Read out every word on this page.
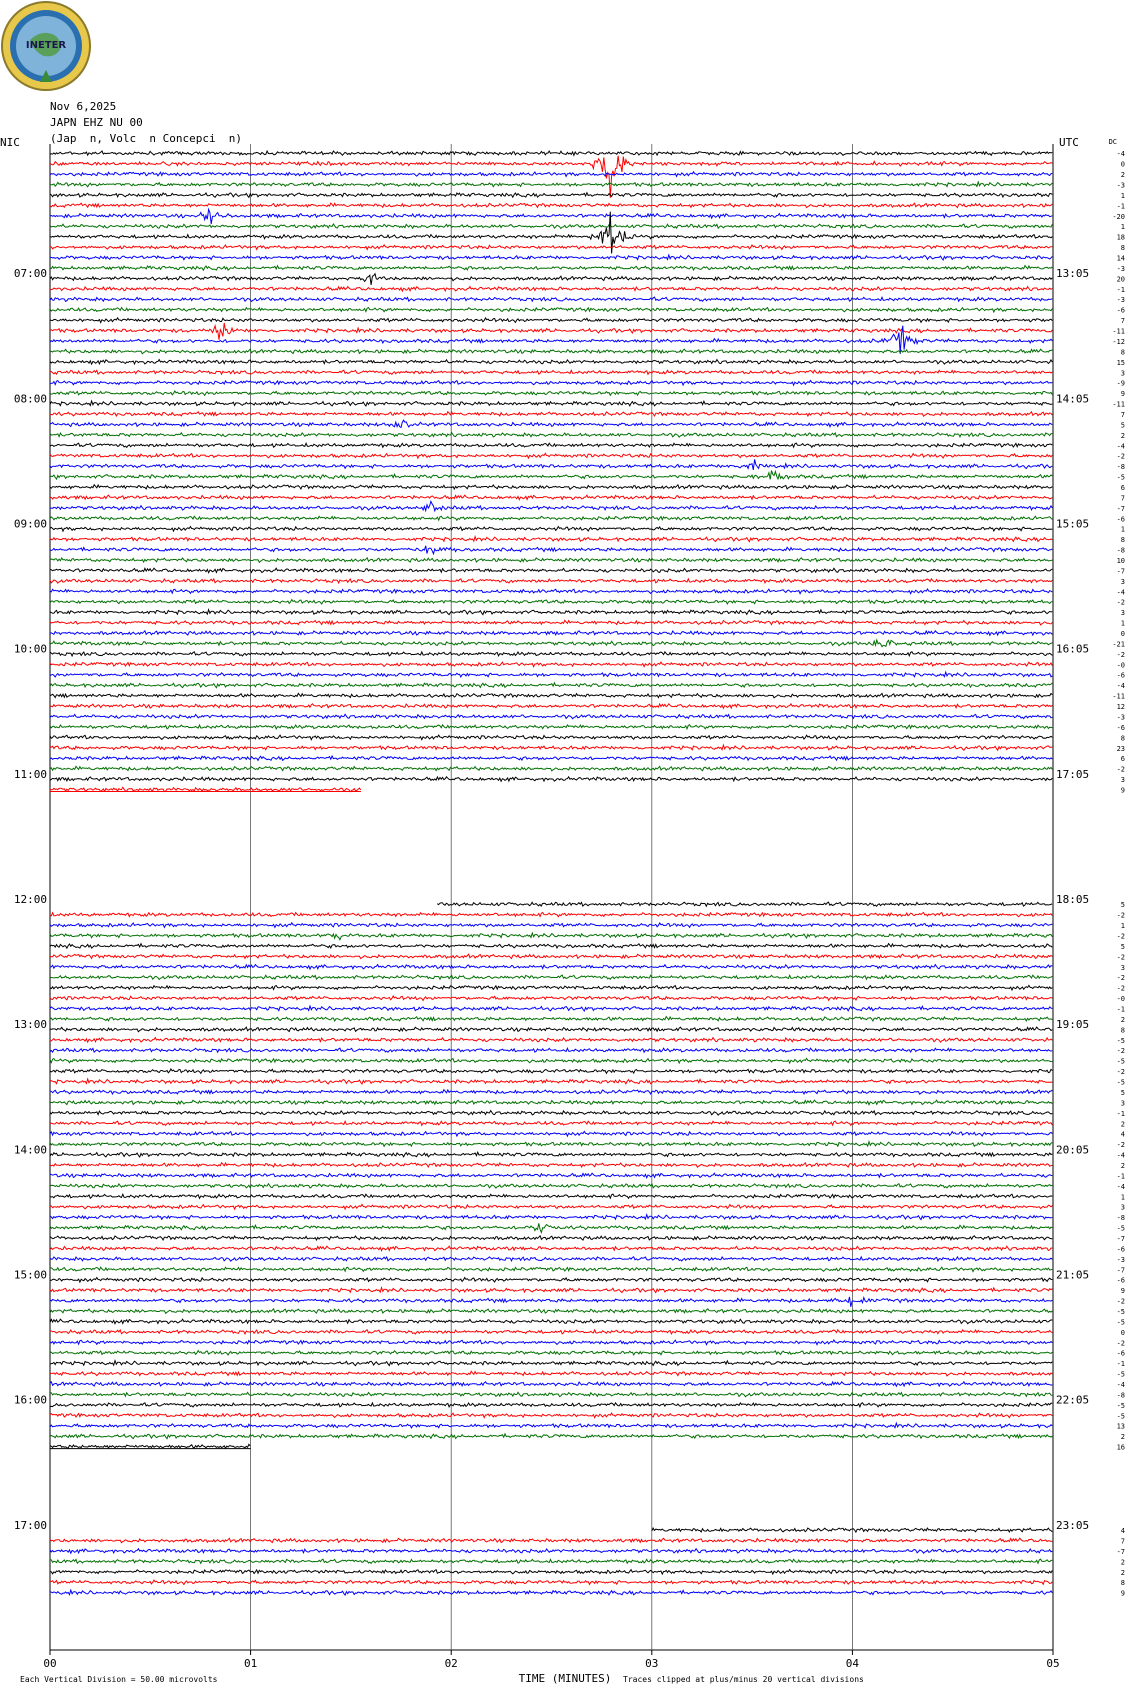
INETER
Nov 6,2025
JAPN EHZ NU 00
(Jap  n, Volc  n Concepci  n)
-4
0
2
-3
1
-1
-20
1
18
8
14
-3
20
-1
-3
-6
7
-11
-12
8
15
3
-9
9
-11
7
5
2
-4
-2
-8
-5
6
7
-7
-6
1
8
-8
10
-7
3
-4
-2
3
1
0
-21
-2
-0
-6
-4
-11
12
-3
-6
8
23
6
-2
3
9
5
-2
1
-2
5
-2
3
-2
-2
-0
-1
2
8
-5
-2
-5
-2
-5
5
3
-1
2
4
-2
-4
2
-1
-4
1
3
-8
-5
-7
-6
-3
-7
-6
9
-2
-5
-5
0
-2
-6
-1
-5
-4
-8
-5
-5
13
2
16
4
7
-7
2
2
8
9
NIC	UTC	DC
07:00
08:00
09:00
10:00
11:00
12:00
13:00
14:00
15:00
16:00
17:00
13:05
14:05
15:05
16:05
17:05
18:05
19:05
20:05
21:05
22:05
23:05
00	01	02	03	04	05
TIME (MINUTES)
Each Vertical Division = 50.00 microvolts	Traces clipped at plus/minus 20 vertical divisions
